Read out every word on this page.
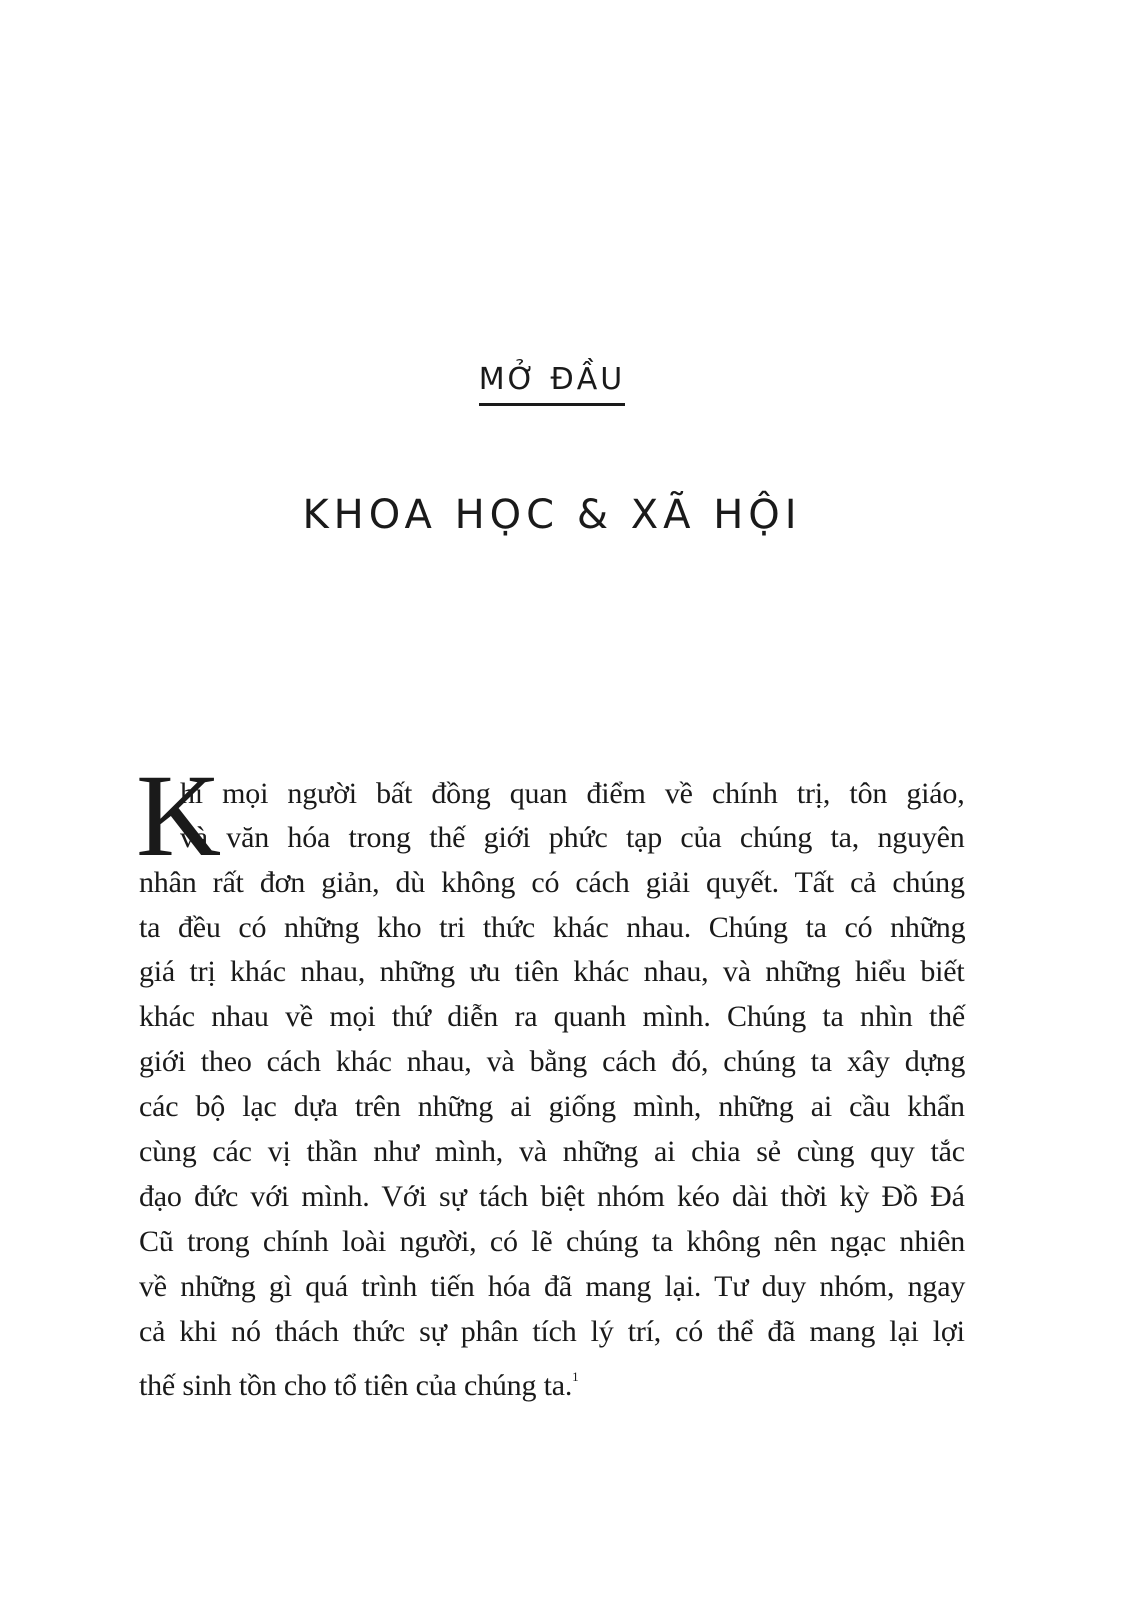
MỞ ĐẦU
KHOA HỌC & XÃ HỘI
K
hi mọi người bất đồng quan điểm về chính trị, tôn giáo,
và văn hóa trong thế giới phức tạp của chúng ta, nguyên
nhân rất đơn giản, dù không có cách giải quyết. Tất cả chúng
ta đều có những kho tri thức khác nhau. Chúng ta có những
giá trị khác nhau, những ưu tiên khác nhau, và những hiểu biết
khác nhau về mọi thứ diễn ra quanh mình. Chúng ta nhìn thế
giới theo cách khác nhau, và bằng cách đó, chúng ta xây dựng
các bộ lạc dựa trên những ai giống mình, những ai cầu khẩn
cùng các vị thần như mình, và những ai chia sẻ cùng quy tắc
đạo đức với mình. Với sự tách biệt nhóm kéo dài thời kỳ Đồ Đá
Cũ trong chính loài người, có lẽ chúng ta không nên ngạc nhiên
về những gì quá trình tiến hóa đã mang lại. Tư duy nhóm, ngay
cả khi nó thách thức sự phân tích lý trí, có thể đã mang lại lợi
thế sinh tồn cho tổ tiên của chúng ta.$^1$
